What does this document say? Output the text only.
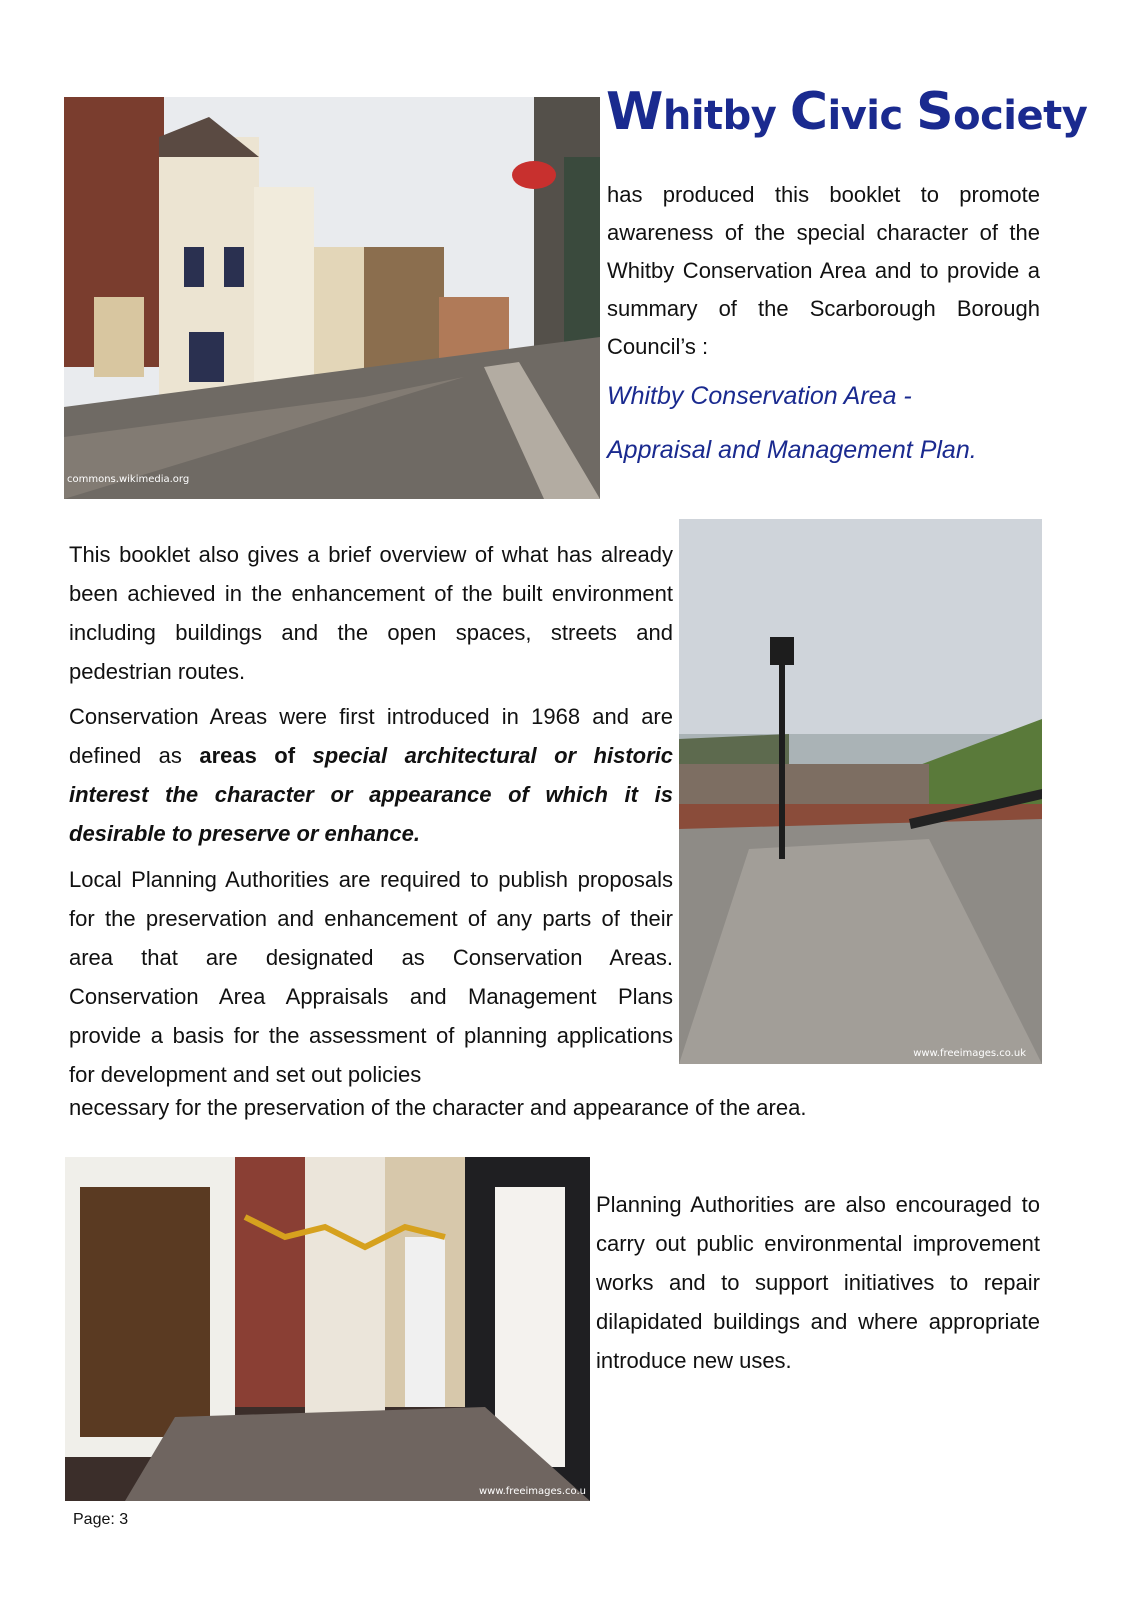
commons.wikimedia.org
Whitby Civic Society

has produced this booklet to promote awareness of the special character of the Whitby Conservation Area and to provide a summary of the Scarborough Borough Council’s :

Whitby Conservation Area -

Appraisal and Management Plan.

www.freeimages.co.uk

This booklet also gives a brief overview of what has already been achieved in the enhancement of the built environment including buildings and the open spaces, streets and pedestrian routes.

Conservation Areas were first introduced in 1968 and are defined as areas of special architectural or historic interest the character or appearance of which it is desirable to preserve or enhance.

Local Planning Authorities are required to publish proposals for the preservation and enhancement of any parts of their area that are designated as Conservation Areas. Conservation Area Appraisals and Management Plans provide a basis for the assessment of planning applications for development and set out policies

necessary for the preservation of the character and appearance of the area.

www.freeimages.co.u

Planning Authorities are also encouraged to carry out public environmental improvement works and to support initiatives to repair dilapidated buildings and where appropriate introduce new uses.

Page: 3
